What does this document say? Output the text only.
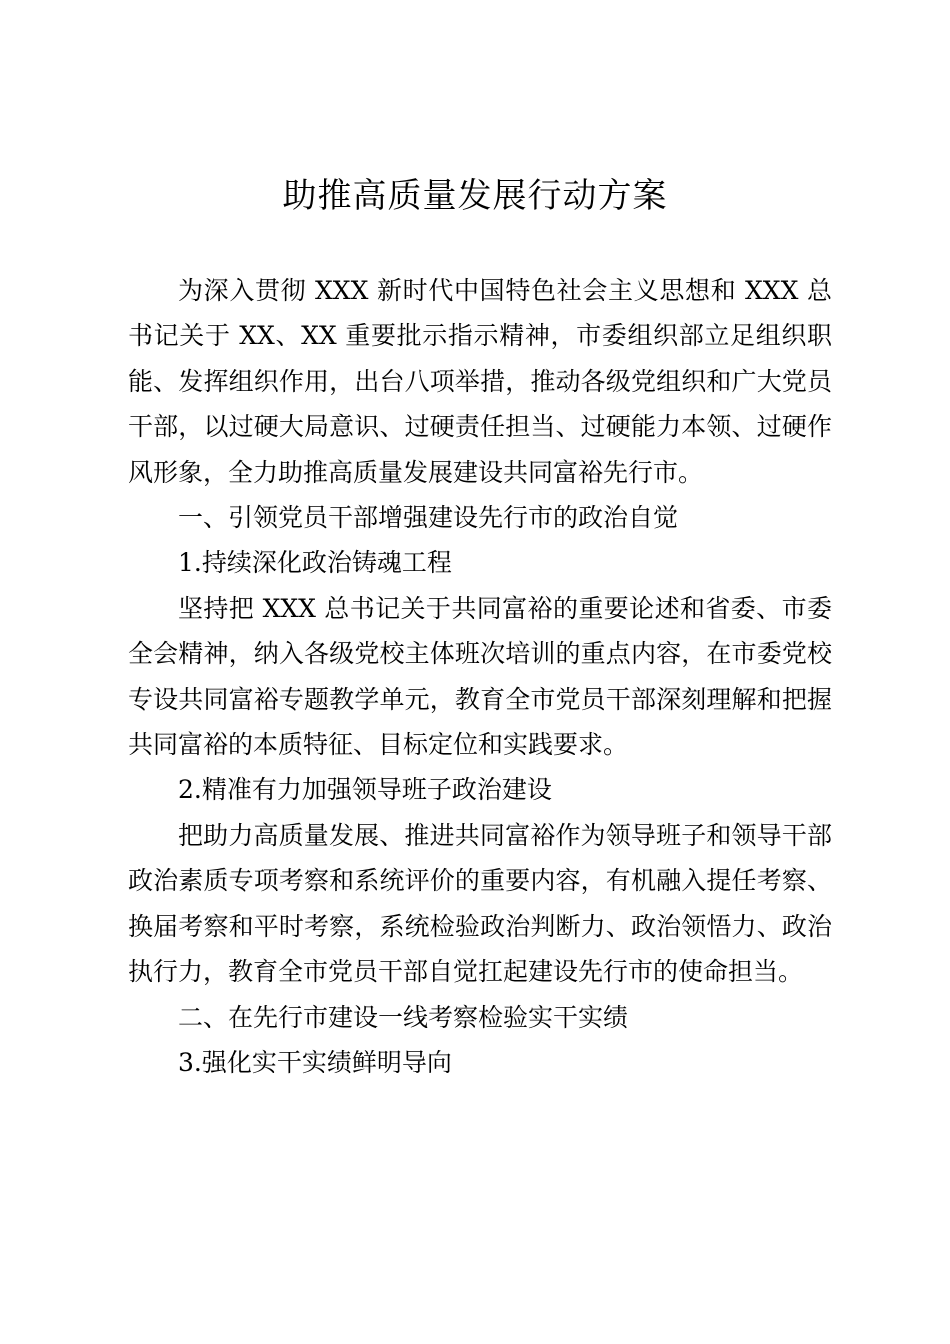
助推高质量发展行动方案

为深入贯彻 XXX 新时代中国特色社会主义思想和 XXX 总书记关于 XX、XX 重要批示指示精神，市委组织部立足组织职能、发挥组织作用，出台八项举措，推动各级党组织和广大党员干部，以过硬大局意识、过硬责任担当、过硬能力本领、过硬作风形象，全力助推高质量发展建设共同富裕先行市。

一、引领党员干部增强建设先行市的政治自觉

1.持续深化政治铸魂工程

坚持把 XXX 总书记关于共同富裕的重要论述和省委、市委全会精神，纳入各级党校主体班次培训的重点内容，在市委党校专设共同富裕专题教学单元，教育全市党员干部深刻理解和把握共同富裕的本质特征、目标定位和实践要求。

2.精准有力加强领导班子政治建设

把助力高质量发展、推进共同富裕作为领导班子和领导干部政治素质专项考察和系统评价的重要内容，有机融入提任考察、换届考察和平时考察，系统检验政治判断力、政治领悟力、政治执行力，教育全市党员干部自觉扛起建设先行市的使命担当。

二、在先行市建设一线考察检验实干实绩

3.强化实干实绩鲜明导向
